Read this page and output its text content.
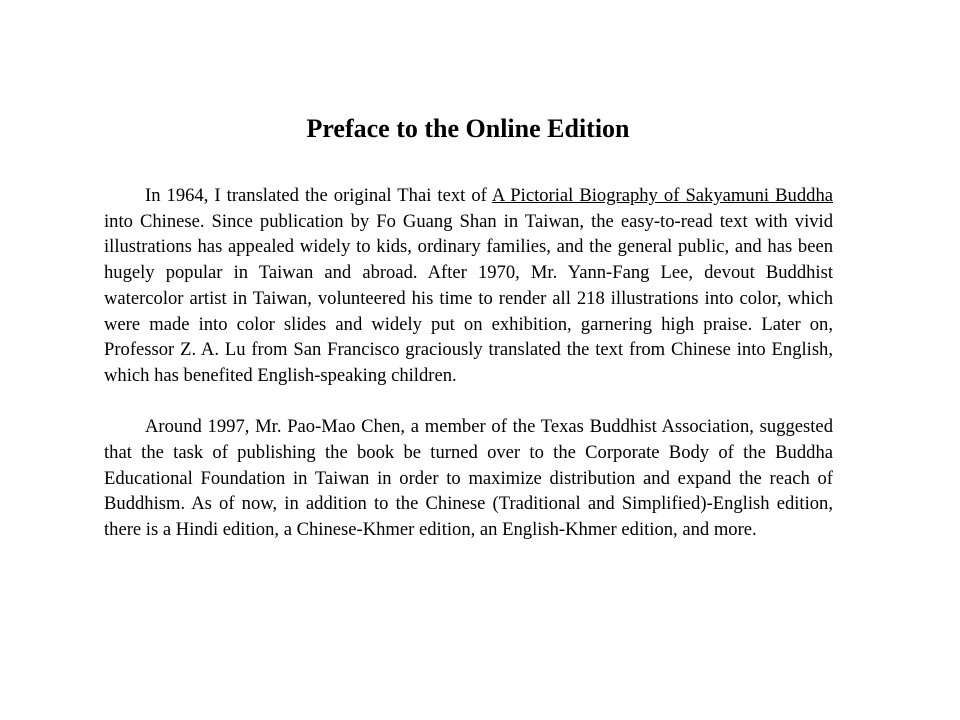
Preface to the Online Edition

In 1964, I translated the original Thai text of A Pictorial Biography of Sakyamuni Buddha into Chinese. Since publication by Fo Guang Shan in Taiwan, the easy-to-read text with vivid illustrations has appealed widely to kids, ordinary families, and the general public, and has been hugely popular in Taiwan and abroad. After 1970, Mr. Yann-Fang Lee, devout Buddhist watercolor artist in Taiwan, volunteered his time to render all 218 illustrations into color, which were made into color slides and widely put on exhibition, garnering high praise. Later on, Professor Z. A. Lu from San Francisco graciously translated the text from Chinese into English, which has benefited English-speaking children.

Around 1997, Mr. Pao-Mao Chen, a member of the Texas Buddhist Association, suggested that the task of publishing the book be turned over to the Corporate Body of the Buddha Educational Foundation in Taiwan in order to maximize distribution and expand the reach of Buddhism. As of now, in addition to the Chinese (Traditional and Simplified)-English edition, there is a Hindi edition, a Chinese-Khmer edition, an English-Khmer edition, and more.
